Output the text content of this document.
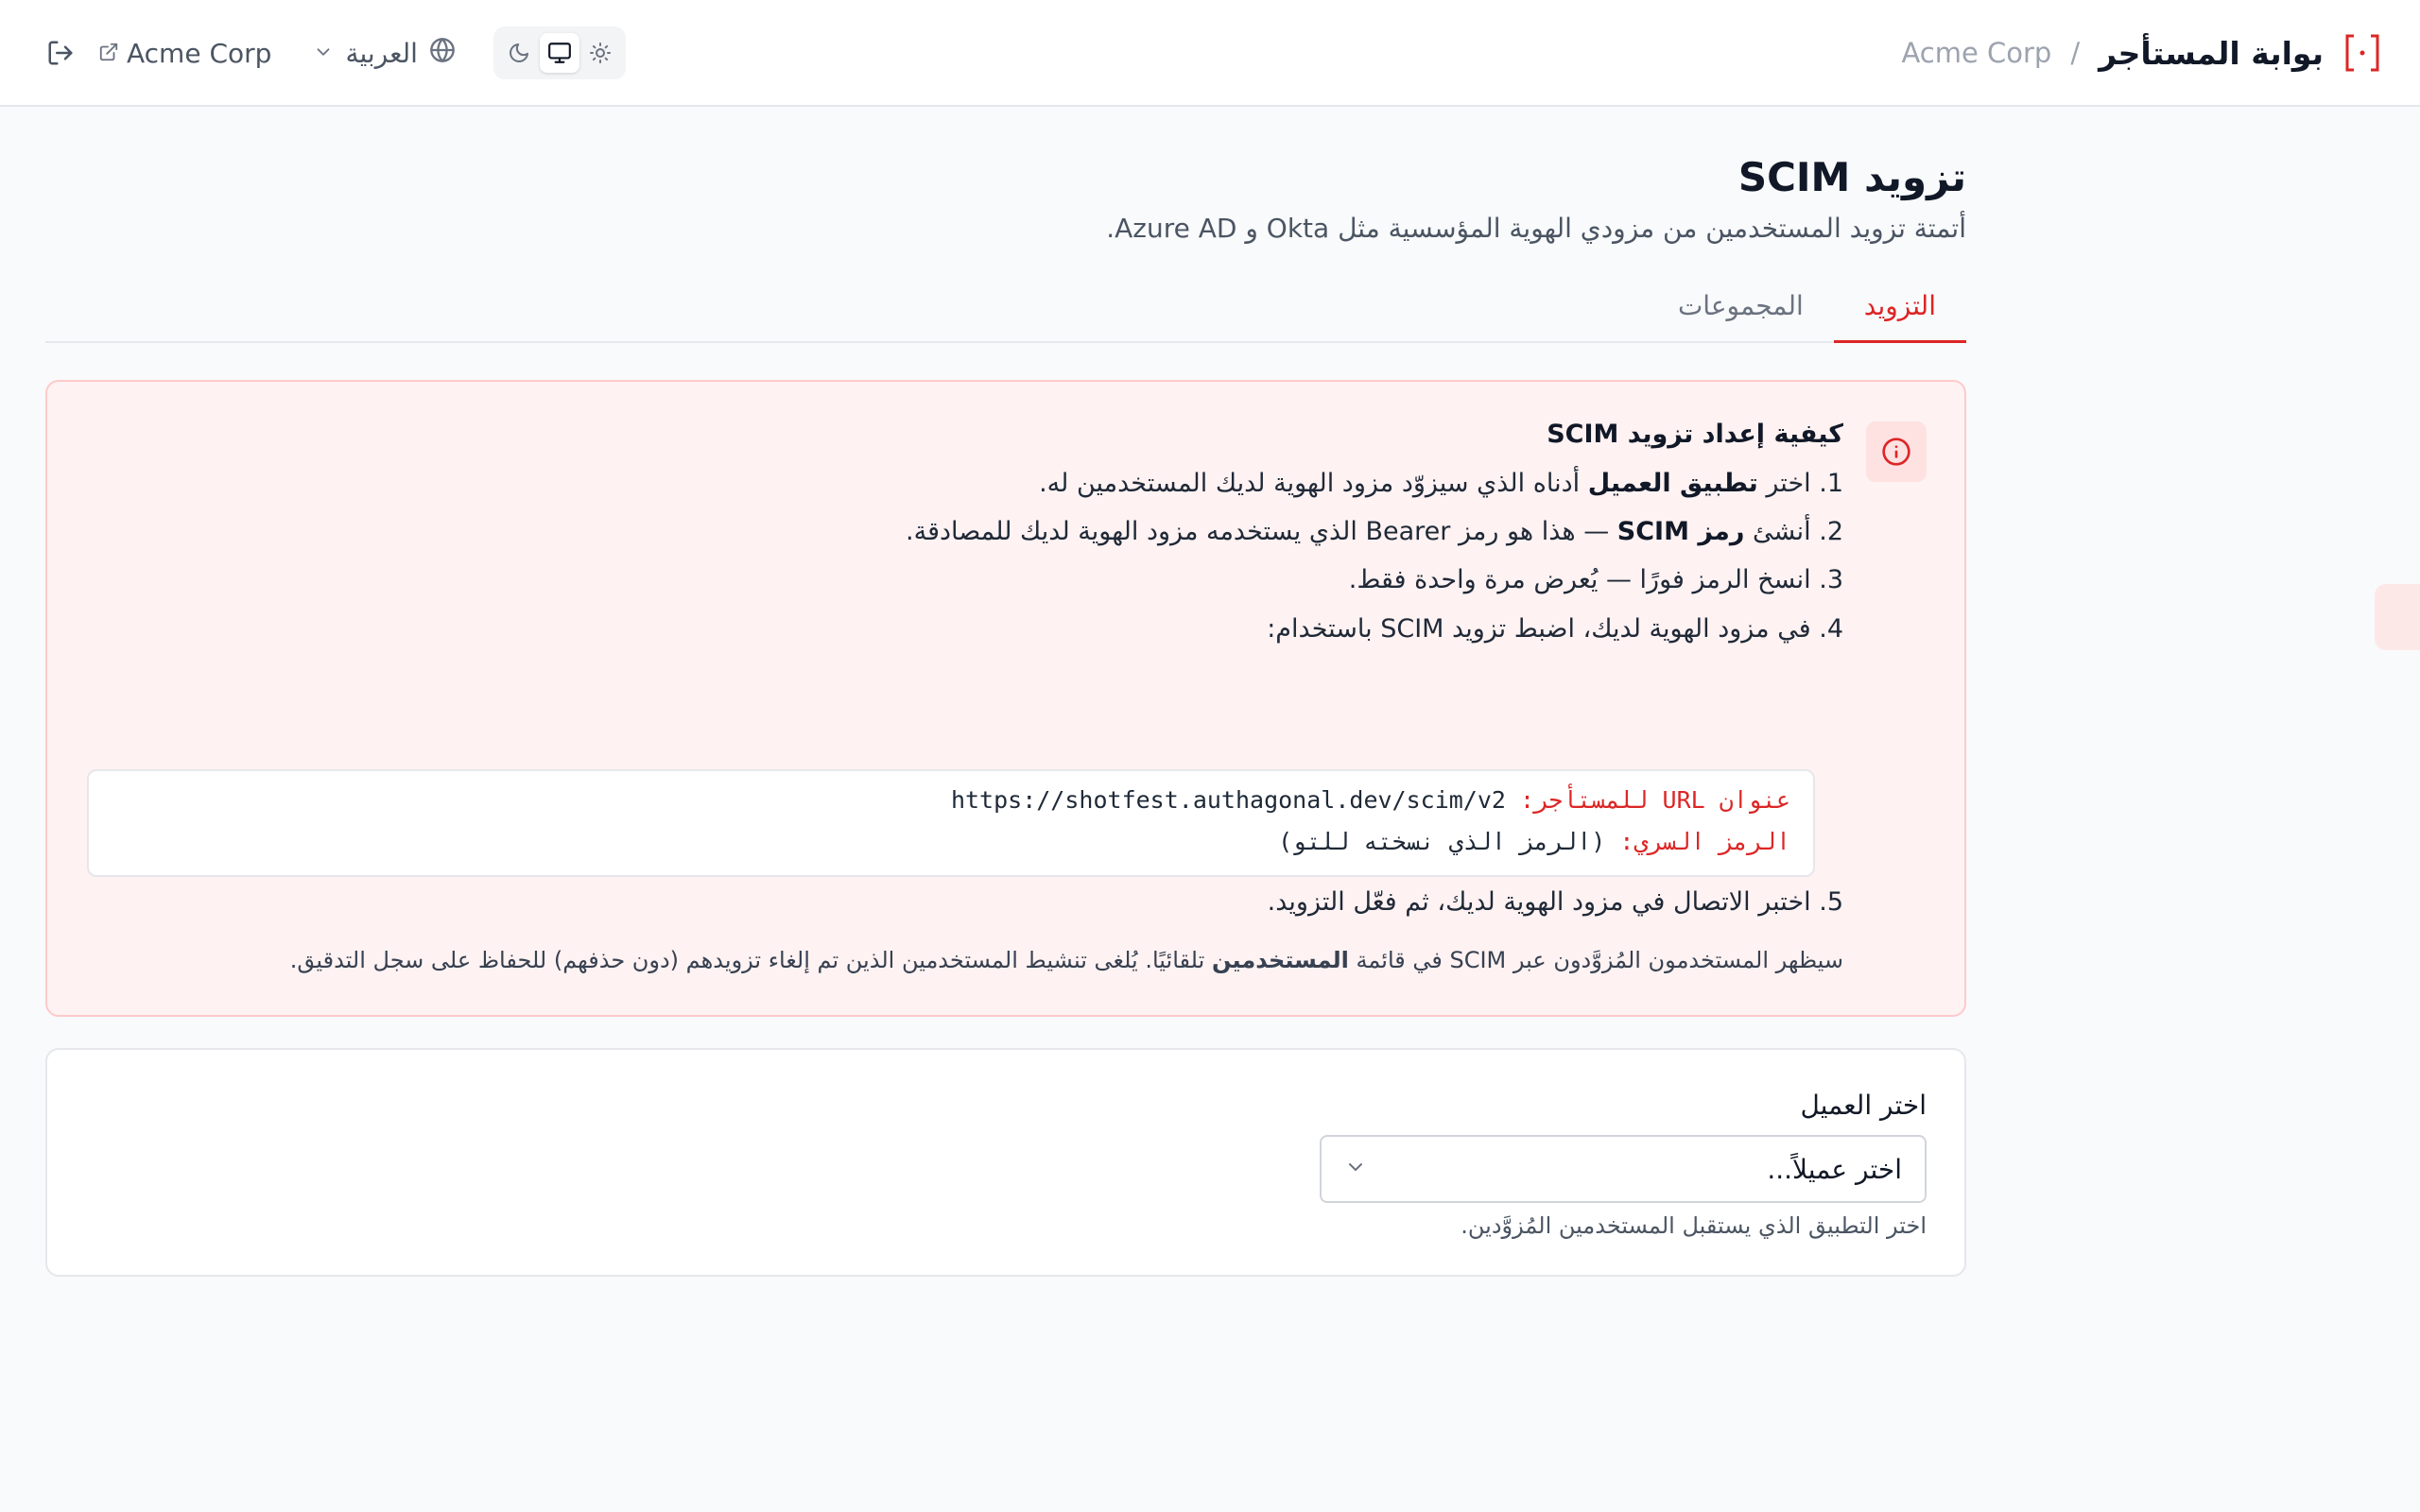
Acme Corp	العربية	بوابة المستأجر
/
Acme Corp
تزويد SCIM

أتمتة تزويد المستخدمين من مزودي الهوية المؤسسية مثل Okta و Azure AD.

التزويد
المجموعات
كيفية إعداد تزويد SCIM
1. اختر تطبيق العميل أدناه الذي سيزوّد مزود الهوية لديك المستخدمين له.
2. أنشئ رمز SCIM — هذا هو رمز Bearer الذي يستخدمه مزود الهوية لديك للمصادقة.
3. انسخ الرمز فورًا — يُعرض مرة واحدة فقط.
4. في مزود الهوية لديك، اضبط تزويد SCIM باستخدام:
5. اختبر الاتصال في مزود الهوية لديك، ثم فعّل التزويد.
سيظهر المستخدمون المُزوَّدون عبر SCIM في قائمة المستخدمين تلقائيًا. يُلغى تنشيط المستخدمين الذين تم إلغاء تزويدهم (دون حذفهم) للحفاظ على سجل التدقيق.
عنوان URL للمستأجر: https://shotfest.authagonal.dev/scim/v2
الرمز السري: (الرمز الذي نسخته للتو)
اختر العميل
اختر عميلاً...
اختر التطبيق الذي يستقبل المستخدمين المُزوَّدين.
